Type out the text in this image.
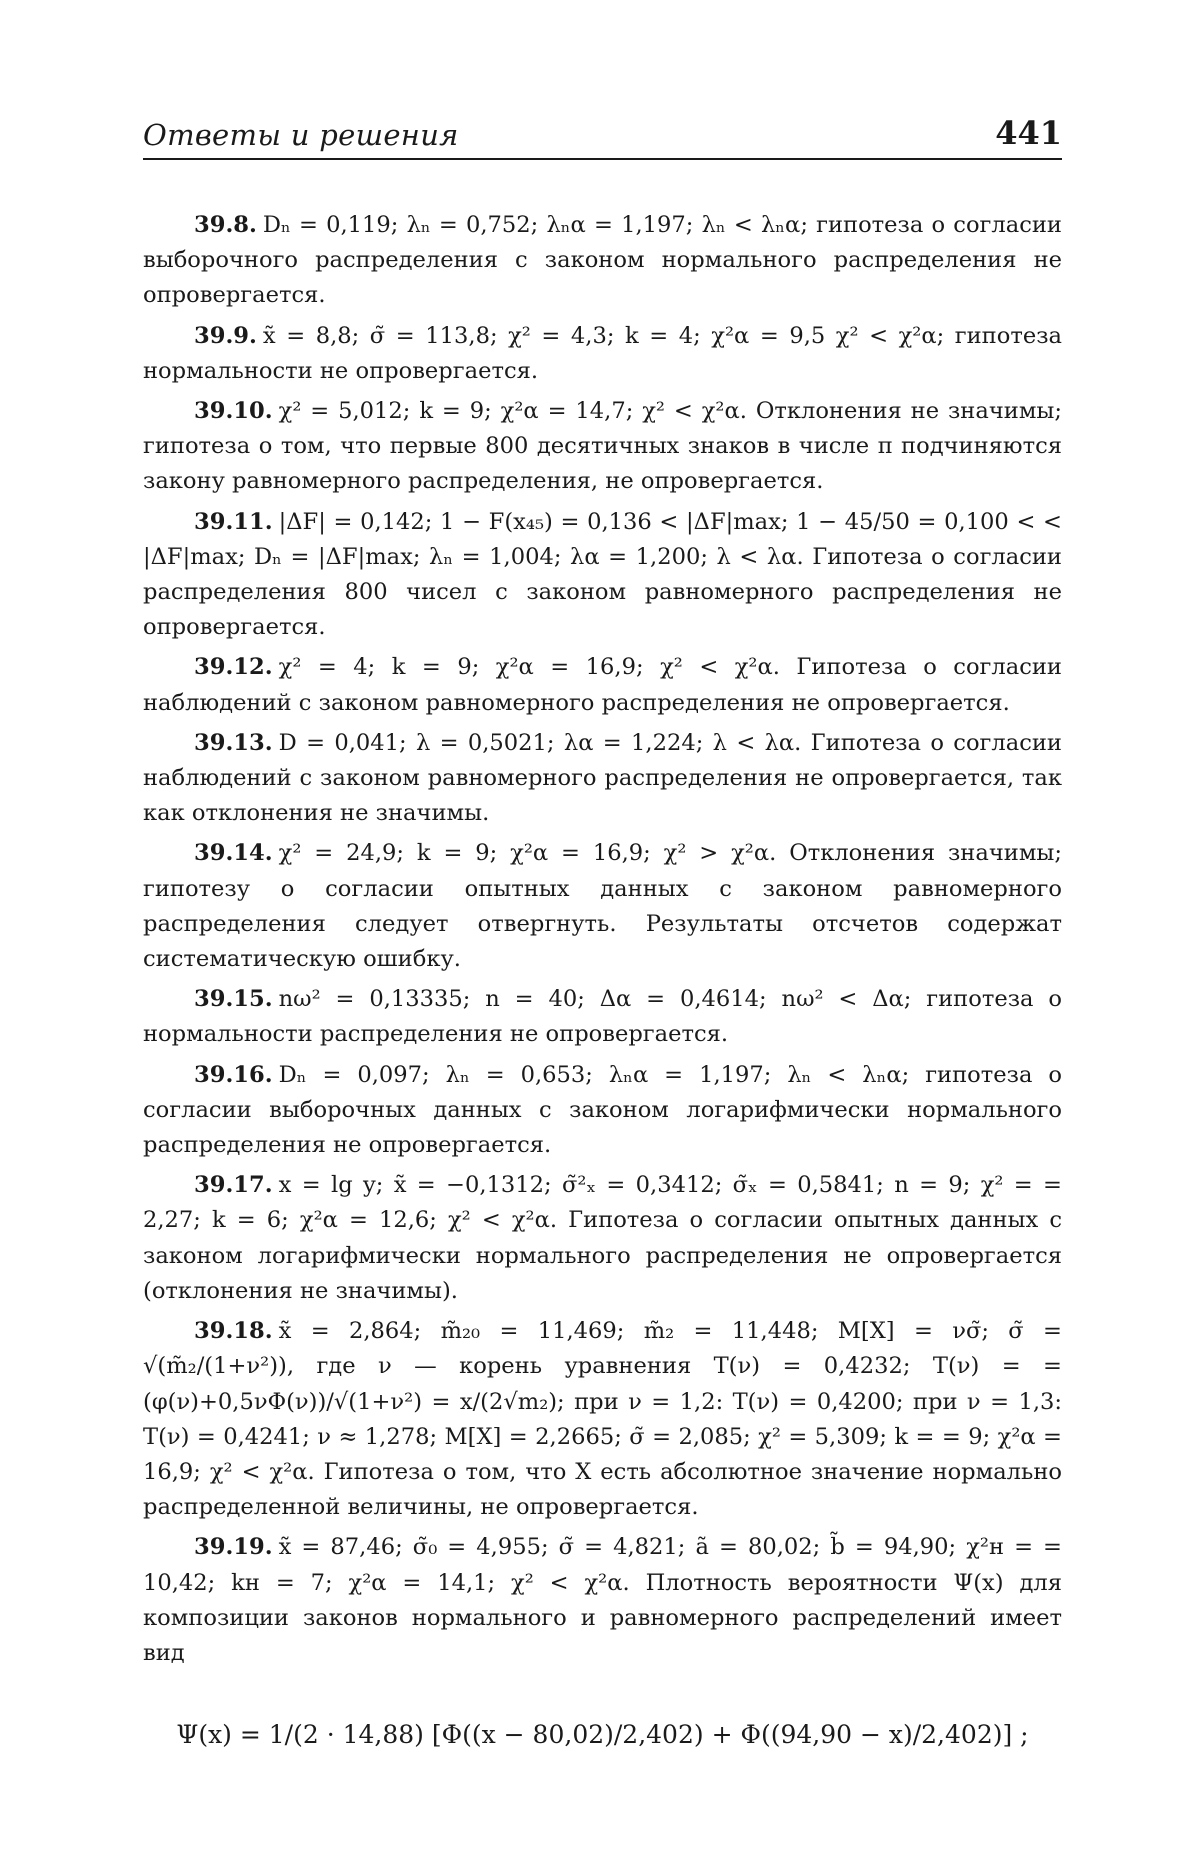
Ответы и решения	441

39.8. Dₙ = 0,119; λₙ = 0,752; λₙα = 1,197; λₙ < λₙα; гипотеза о согласии выборочного распределения с законом нормального распределения не опровергается.

39.9. x̃ = 8,8; σ̃ = 113,8; χ² = 4,3; k = 4; χ²α = 9,5 χ² < χ²α; гипотеза нормальности не опровергается.

39.10. χ² = 5,012; k = 9; χ²α = 14,7; χ² < χ²α. Отклонения не значимы; гипотеза о том, что первые 800 десятичных знаков в числе π подчиняются закону равномерного распределения, не опровергается.

39.11. |ΔF| = 0,142; 1 − F(x₄₅) = 0,136 < |ΔF|max; 1 − 45/50 = 0,100 < < |ΔF|max; Dₙ = |ΔF|max; λₙ = 1,004; λα = 1,200; λ < λα. Гипотеза о согласии распределения 800 чисел с законом равномерного распределения не опровергается.

39.12. χ² = 4; k = 9; χ²α = 16,9; χ² < χ²α. Гипотеза о согласии наблюдений с законом равномерного распределения не опровергается.

39.13. D = 0,041; λ = 0,5021; λα = 1,224; λ < λα. Гипотеза о согласии наблюдений с законом равномерного распределения не опровергается, так как отклонения не значимы.

39.14. χ² = 24,9; k = 9; χ²α = 16,9; χ² > χ²α. Отклонения значимы; гипотезу о согласии опытных данных с законом равномерного распределения следует отвергнуть. Результаты отсчетов содержат систематическую ошибку.

39.15. nω² = 0,13335; n = 40; Δα = 0,4614; nω² < Δα; гипотеза о нормальности распределения не опровергается.

39.16. Dₙ = 0,097; λₙ = 0,653; λₙα = 1,197; λₙ < λₙα; гипотеза о согласии выборочных данных с законом логарифмически нормального распределения не опровергается.

39.17. x = lg y; x̃ = −0,1312; σ̃²ₓ = 0,3412; σ̃ₓ = 0,5841; n = 9; χ² = = 2,27; k = 6; χ²α = 12,6; χ² < χ²α. Гипотеза о согласии опытных данных с законом логарифмически нормального распределения не опровергается (отклонения не значимы).

39.18. x̃ = 2,864; m̃₂₀ = 11,469; m̃₂ = 11,448; M[X] = νσ̃; σ̃ = √(m̃₂/(1+ν²)), где ν — корень уравнения T(ν) = 0,4232; T(ν) = = (φ(ν)+0,5νΦ(ν))/√(1+ν²) = x/(2√m₂); при ν = 1,2: T(ν) = 0,4200; при ν = 1,3: T(ν) = 0,4241; ν ≈ 1,278; M[X] = 2,2665; σ̃ = 2,085; χ² = 5,309; k = = 9; χ²α = 16,9; χ² < χ²α. Гипотеза о том, что X есть абсолютное значение нормально распределенной величины, не опровергается.

39.19. x̃ = 87,46; σ̃₀ = 4,955; σ̃ = 4,821; ã = 80,02; b̃ = 94,90; χ²н = = 10,42; kн = 7; χ²α = 14,1; χ² < χ²α. Плотность вероятности Ψ(x) для композиции законов нормального и равномерного распределений имеет вид

Ψ(x) = 1/(2 · 14,88) [Φ((x − 80,02)/2,402) + Φ((94,90 − x)/2,402)] ;
